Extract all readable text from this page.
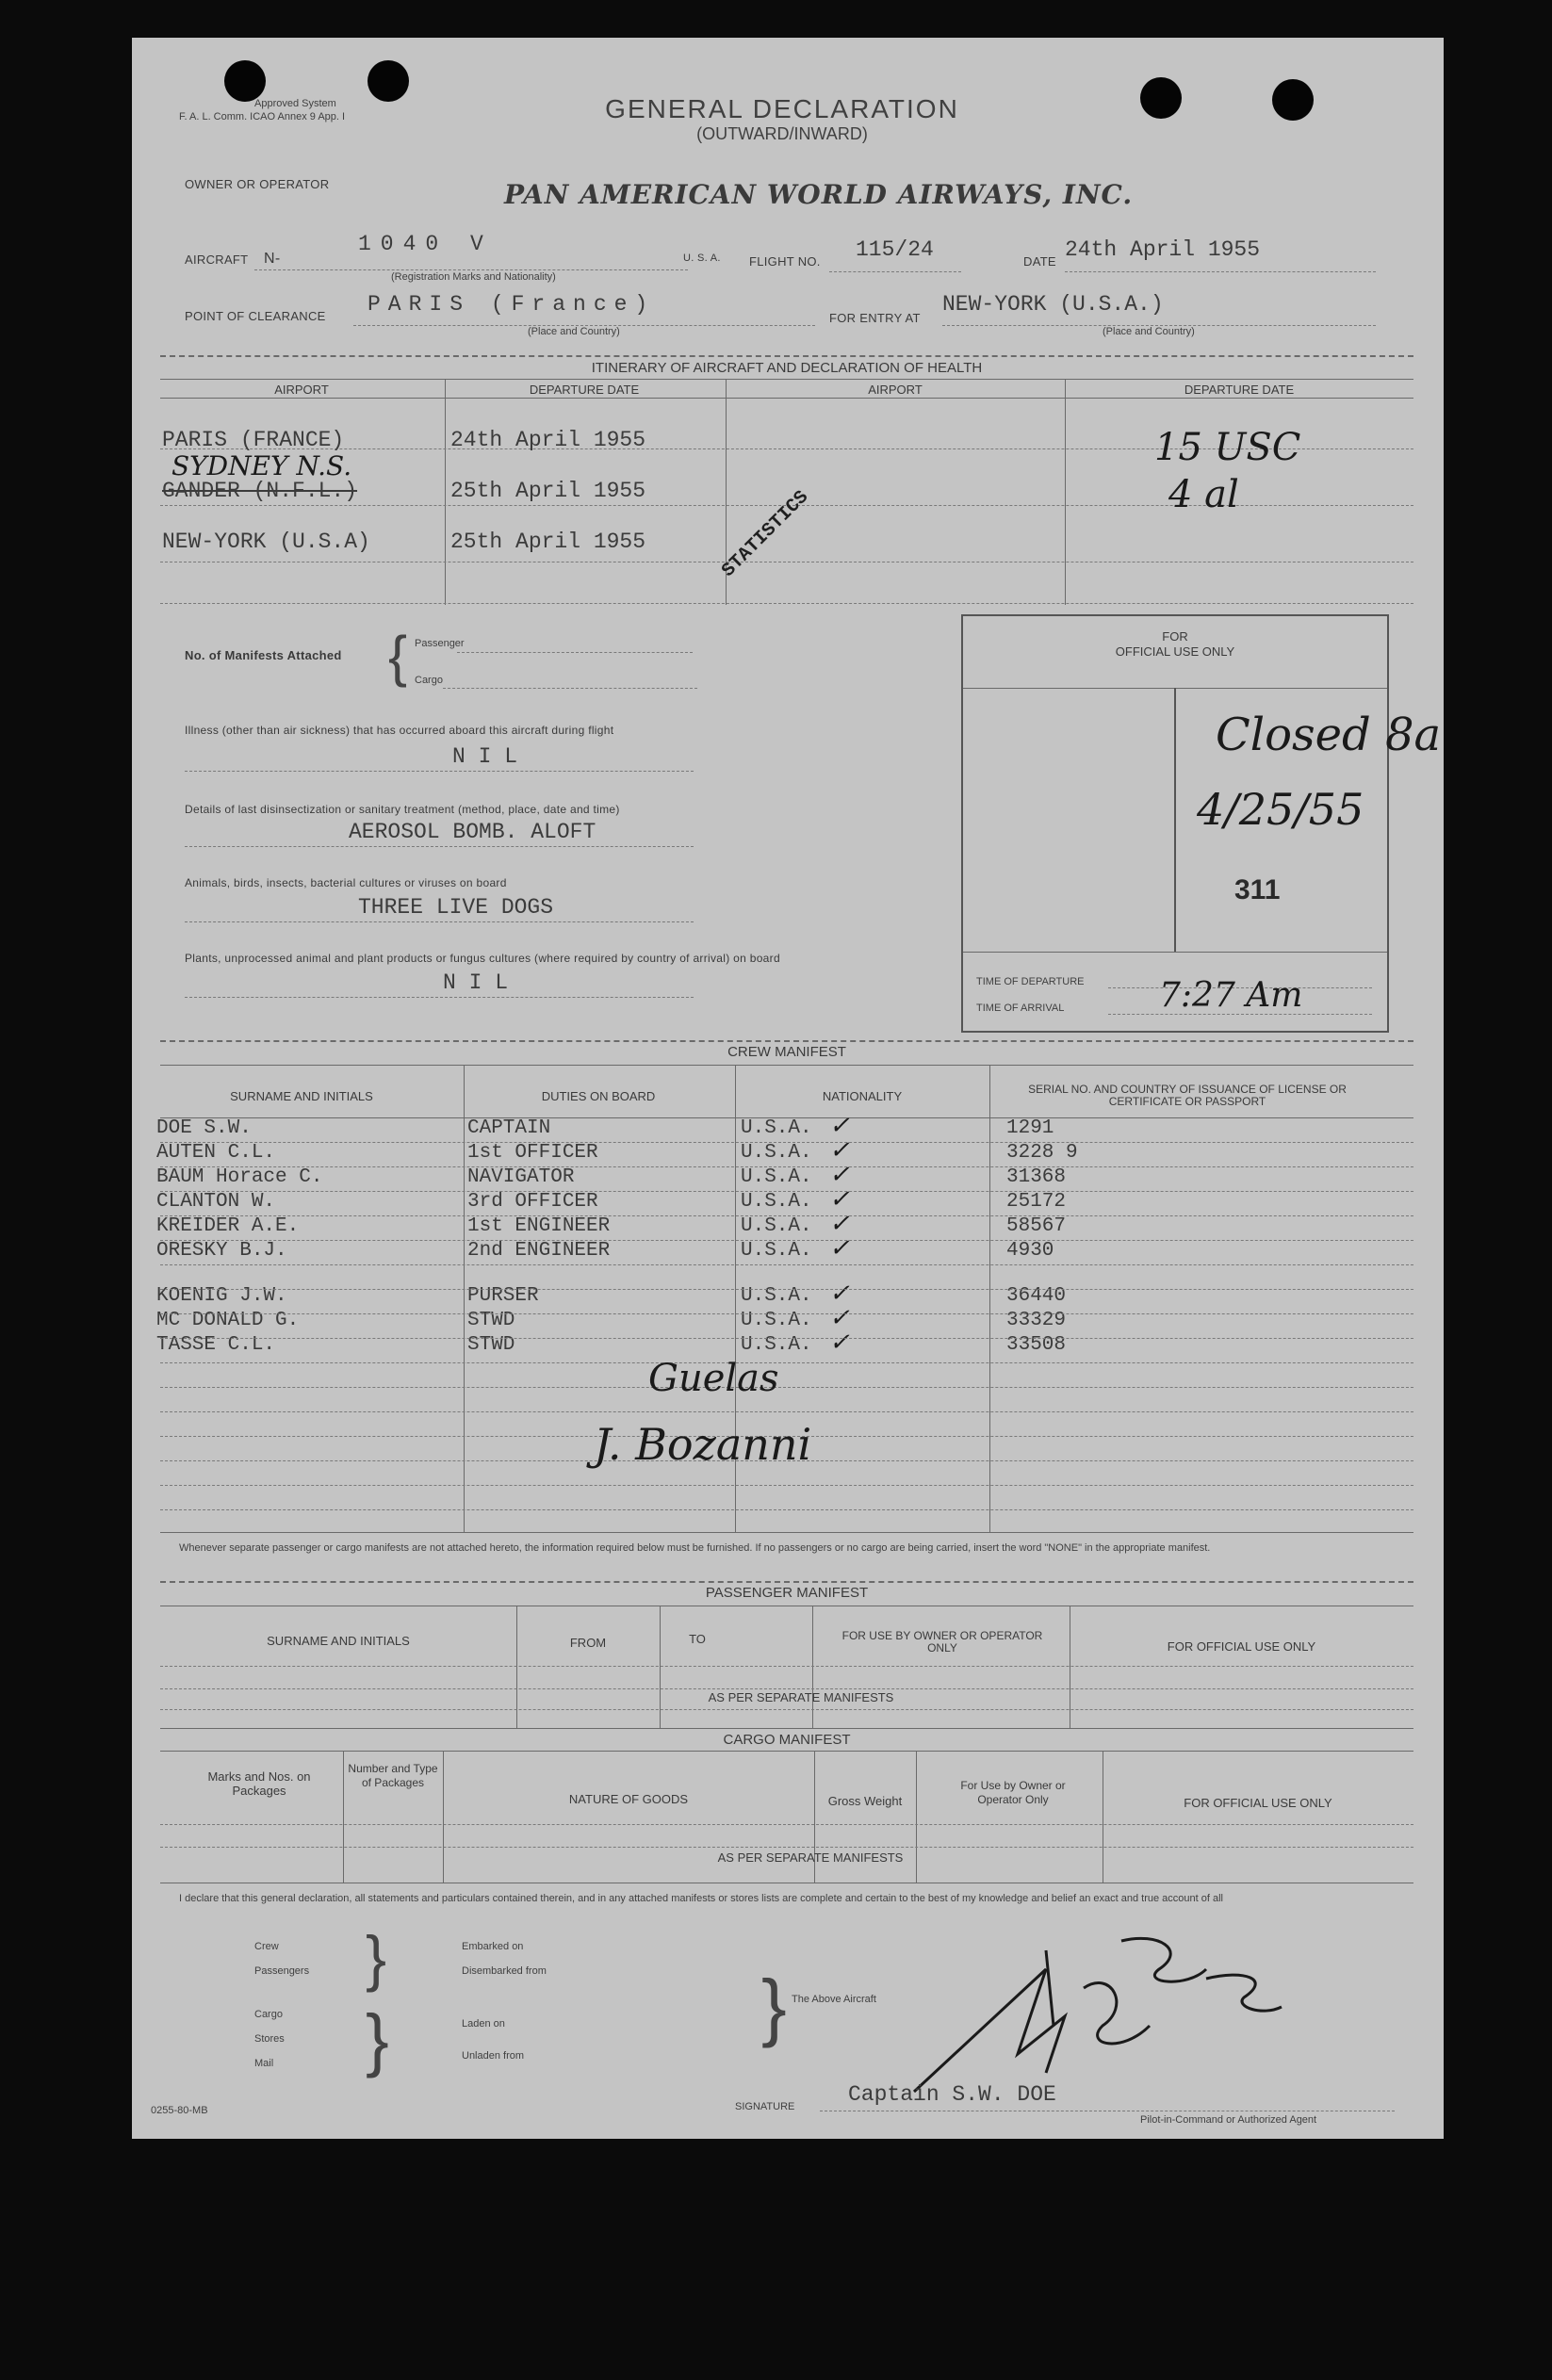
Approved System
F. A. L. Comm. ICAO Annex 9 App. I	GENERAL DECLARATION
(OUTWARD/INWARD)
OWNER OR OPERATOR	PAN AMERICAN WORLD AIRWAYS, INC.
AIRCRAFT N-
1040 V
(Registration Marks and Nationality)
U. S. A. FLIGHT NO. 115/24	DATE 24th April 1955
POINT OF CLEARANCE PARIS (France)
(Place and Country)
FOR ENTRY AT
NEW-YORK (U.S.A.)
(Place and Country)
ITINERARY OF AIRCRAFT AND DECLARATION OF HEALTH
AIRPORT	DEPARTURE DATE	AIRPORT	DEPARTURE DATE
PARIS (FRANCE)	24th April 1955
SYDNEY N.S.
GANDER (N.F.L.)	25th April 1955
NEW-YORK (U.S.A)	25th April 1955	STATISTICS
15 USC
4 al
No. of Manifests Attached { Passenger
Cargo
Illness (other than air sickness) that has occurred aboard this aircraft during flight
N I L
Details of last disinsectization or sanitary treatment (method, place, date and time)
AEROSOL BOMB. ALOFT
Animals, birds, insects, bacterial cultures or viruses on board
THREE LIVE DOGS
Plants, unprocessed animal and plant products or fungus cultures (where required by country of arrival) on board
N I L
FOR
OFFICIAL USE ONLY
Closed 8a
4/25/55
311
TIME OF DEPARTURE
TIME OF ARRIVAL	7:27 Am
CREW MANIFEST
SURNAME AND INITIALS	DUTIES ON BOARD	NATIONALITY	SERIAL NO. AND COUNTRY OF ISSUANCE OF LICENSE OR CERTIFICATE OR PASSPORT
DOE S.W.	CAPTAIN	U.S.A.	1291
✓
AUTEN C.L.	1st OFFICER	U.S.A.	3228 9
✓
BAUM Horace C.	NAVIGATOR	U.S.A.	31368
✓
CLANTON W.	3rd OFFICER	U.S.A.	25172
✓
KREIDER A.E.	1st ENGINEER	U.S.A.	58567
✓
ORESKY B.J.	2nd ENGINEER	U.S.A.	4930
✓
KOENIG J.W.	PURSER	U.S.A.	36440
✓
MC DONALD G.	STWD	U.S.A.	33329
✓
TASSE C.L.	STWD	U.S.A.	33508
✓
Guelas
J. Bozanni
Whenever separate passenger or cargo manifests are not attached hereto, the information required below must be furnished. If no passengers or no cargo are being carried, insert the word "NONE" in the appropriate manifest.
PASSENGER MANIFEST
SURNAME AND INITIALS	FROM	TO	FOR USE BY OWNER OR OPERATOR ONLY	FOR OFFICIAL USE ONLY
AS PER SEPARATE MANIFESTS
CARGO MANIFEST
Marks and Nos. on Packages
Number and Type of Packages
NATURE OF GOODS	Gross Weight
For Use by Owner or Operator Only	FOR OFFICIAL USE ONLY
AS PER SEPARATE MANIFESTS
I declare that this general declaration, all statements and particulars contained therein, and in any attached manifests or stores lists are complete and certain to the best of my knowledge and belief an exact and true account of all
Crew
Passengers }	Embarked on
Disembarked from
Cargo
Stores
Mail }	Laden on
Unladen from
} The Above Aircraft
0255-80-MB	SIGNATURE Captain S.W. DOE
Pilot-in-Command or Authorized Agent
